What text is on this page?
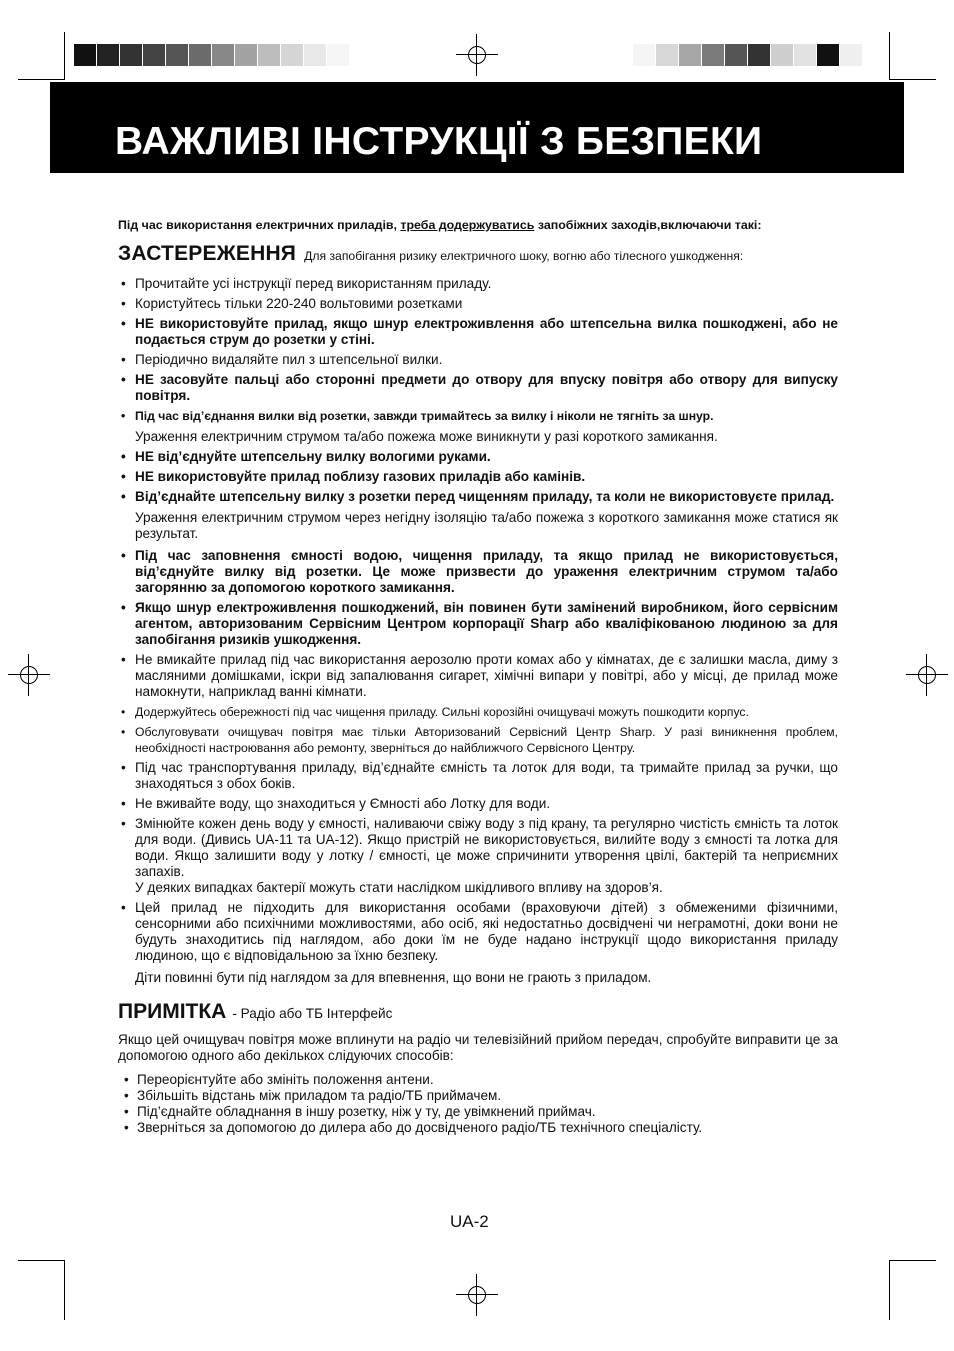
ВАЖЛИВІ ІНСТРУКЦІЇ З БЕЗПЕКИ

Під час використання електричних приладів, треба додержуватись запобіжних заходів,включаючи такі:

ЗАСТЕРЕЖЕННЯ Для запобігання ризику електричного шоку, вогню або тілесного ушкодження:
• Прочитайте усі інструкції перед використанням приладу.
• Користуйтесь тільки 220-240 вольтовими розетками
• НЕ використовуйте прилад, якщо шнур електроживлення або штепсельна вилка пошкоджені, або не подається струм до розетки у стіні.
• Періодично видаляйте пил з штепсельної вилки.
• НЕ засовуйте пальці або сторонні предмети до отвору для впуску повітря або отвору для випуску повітря.
• Під час від’єднання вилки від розетки, завжди тримайтесь за вилку і ніколи не тягніть за шнур.
Ураження електричним струмом та/або пожежа може виникнути у разі короткого замикання.
• НЕ від’єднуйте штепсельну вилку вологими руками.
• НЕ використовуйте прилад поблизу газових приладів або камінів.
• Від’єднайте штепсельну вилку з розетки перед чищенням приладу, та коли не використовуєте прилад.
Ураження електричним струмом через негідну ізоляцію та/або пожежа з короткого замикання може статися як результат.
• Під час заповнення ємності водою, чищення приладу, та якщо прилад не використовується, від’єднуйте вилку від розетки. Це може призвести до ураження електричним струмом та/або загорянню за допомогою короткого замикання.
• Якщо шнур електроживлення пошкоджений, він повинен бути замінений виробником, його сервісним агентом, авторизованим Сервісним Центром корпорації Sharp або кваліфікованою людиною за для запобігання ризиків ушкодження.
• Не вмикайте прилад під час використання аерозолю проти комах або у кімнатах, де є залишки масла, диму з масляними домішками, іскри від запалювання сигарет, хімічні випари у повітрі, або у місці, де прилад може намокнути, наприклад ванні кімнати.
• Додержуйтесь обережності під час чищення приладу. Сильні корозійні очищувачі можуть пошкодити корпус.
• Обслуговувати очищувач повітря має тільки Авторизований Сервісний Центр Sharp. У разі виникнення проблем, необхідності настроювання або ремонту, зверніться до найближчого Сервісного Центру.
• Під час транспортування приладу, від’єднайте ємність та лоток для води, та тримайте прилад за ручки, що знаходяться з обох боків.
• Не вживайте воду, що знаходиться у Ємності або Лотку для води.
• Змінюйте кожен день воду у ємності, наливаючи свіжу воду з під крану, та регулярно чистість ємність та лоток для води. (Дивись UA-11 та UA-12). Якщо пристрій не використовується, вилийте воду з ємності та лотка для води. Якщо залишити воду у лотку / ємності, це може спричинити утворення цвілі, бактерій та неприємних запахів.
У деяких випадках бактерії можуть стати наслідком шкідливого впливу на здоров’я.
• Цей прилад не підходить для використання особами (враховуючи дітей) з обмеженими фізичними, сенсорними або психічними можливостями, або осіб, які недостатньо досвідчені чи неграмотні, доки вони не будуть знаходитись під наглядом, або доки їм не буде надано інструкції щодо використання приладу людиною, що є відповідальною за їхню безпеку.
Діти повинні бути під наглядом за для впевнення, що вони не грають з приладом.
ПРИМІТКА - Радіо або ТБ Інтерфейс

Якщо цей очищувач повітря може вплинути на радіо чи телевізійний прийом передач, спробуйте виправити це за допомогою одного або декількох слідуючих способів:

• Переорієнтуйте або змініть положення антени.
• Збільшіть відстань між приладом та радіо/ТБ приймачем.
• Під’єднайте обладнання в іншу розетку, ніж у ту, де увімкнений приймач.
• Зверніться за допомогою до дилера або до досвідченого радіо/ТБ технічного спеціалісту.
UA-2
